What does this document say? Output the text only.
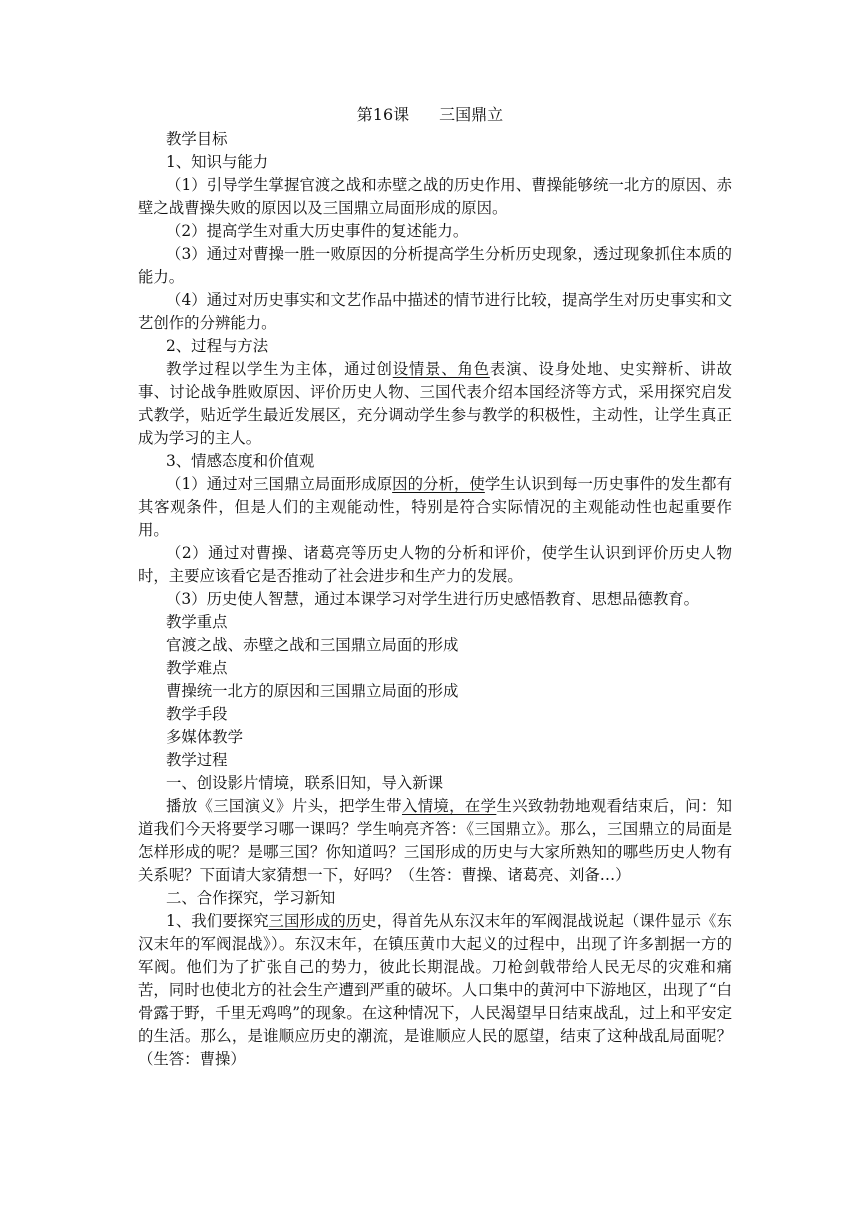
第16课 三国鼎立

教学目标

1、知识与能力

（1）引导学生掌握官渡之战和赤壁之战的历史作用、曹操能够统一北方的原因、赤壁之战曹操失败的原因以及三国鼎立局面形成的原因。

（2）提高学生对重大历史事件的复述能力。

（3）通过对曹操一胜一败原因的分析提高学生分析历史现象，透过现象抓住本质的能力。

（4）通过对历史事实和文艺作品中描述的情节进行比较，提高学生对历史事实和文艺创作的分辨能力。

2、过程与方法

教学过程以学生为主体，通过创设情景、角色表演、设身处地、史实辩析、讲故事、讨论战争胜败原因、评价历史人物、三国代表介绍本国经济等方式，采用探究启发式教学，贴近学生最近发展区，充分调动学生参与教学的积极性，主动性，让学生真正成为学习的主人。

3、情感态度和价值观

（1）通过对三国鼎立局面形成原因的分析，使学生认识到每一历史事件的发生都有其客观条件，但是人们的主观能动性，特别是符合实际情况的主观能动性也起重要作用。

（2）通过对曹操、诸葛亮等历史人物的分析和评价，使学生认识到评价历史人物时，主要应该看它是否推动了社会进步和生产力的发展。

（3）历史使人智慧，通过本课学习对学生进行历史感悟教育、思想品德教育。

教学重点

官渡之战、赤壁之战和三国鼎立局面的形成

教学难点

曹操统一北方的原因和三国鼎立局面的形成

教学手段

多媒体教学

教学过程

一、创设影片情境，联系旧知，导入新课

播放《三国演义》片头，把学生带入情境，在学生兴致勃勃地观看结束后，问：知道我们今天将要学习哪一课吗？学生响亮齐答：《三国鼎立》。那么，三国鼎立的局面是怎样形成的呢？是哪三国？你知道吗？三国形成的历史与大家所熟知的哪些历史人物有关系呢？下面请大家猜想一下，好吗？（生答：曹操、诸葛亮、刘备…）

二、合作探究，学习新知

1、我们要探究三国形成的历史，得首先从东汉末年的军阀混战说起（课件显示《东汉末年的军阀混战》）。东汉末年，在镇压黄巾大起义的过程中，出现了许多割据一方的军阀。他们为了扩张自己的势力，彼此长期混战。刀枪剑戟带给人民无尽的灾难和痛苦，同时也使北方的社会生产遭到严重的破坏。人口集中的黄河中下游地区，出现了“白骨露于野，千里无鸡鸣”的现象。在这种情况下，人民渴望早日结束战乱，过上和平安定的生活。那么，是谁顺应历史的潮流，是谁顺应人民的愿望，结束了这种战乱局面呢？（生答：曹操）
